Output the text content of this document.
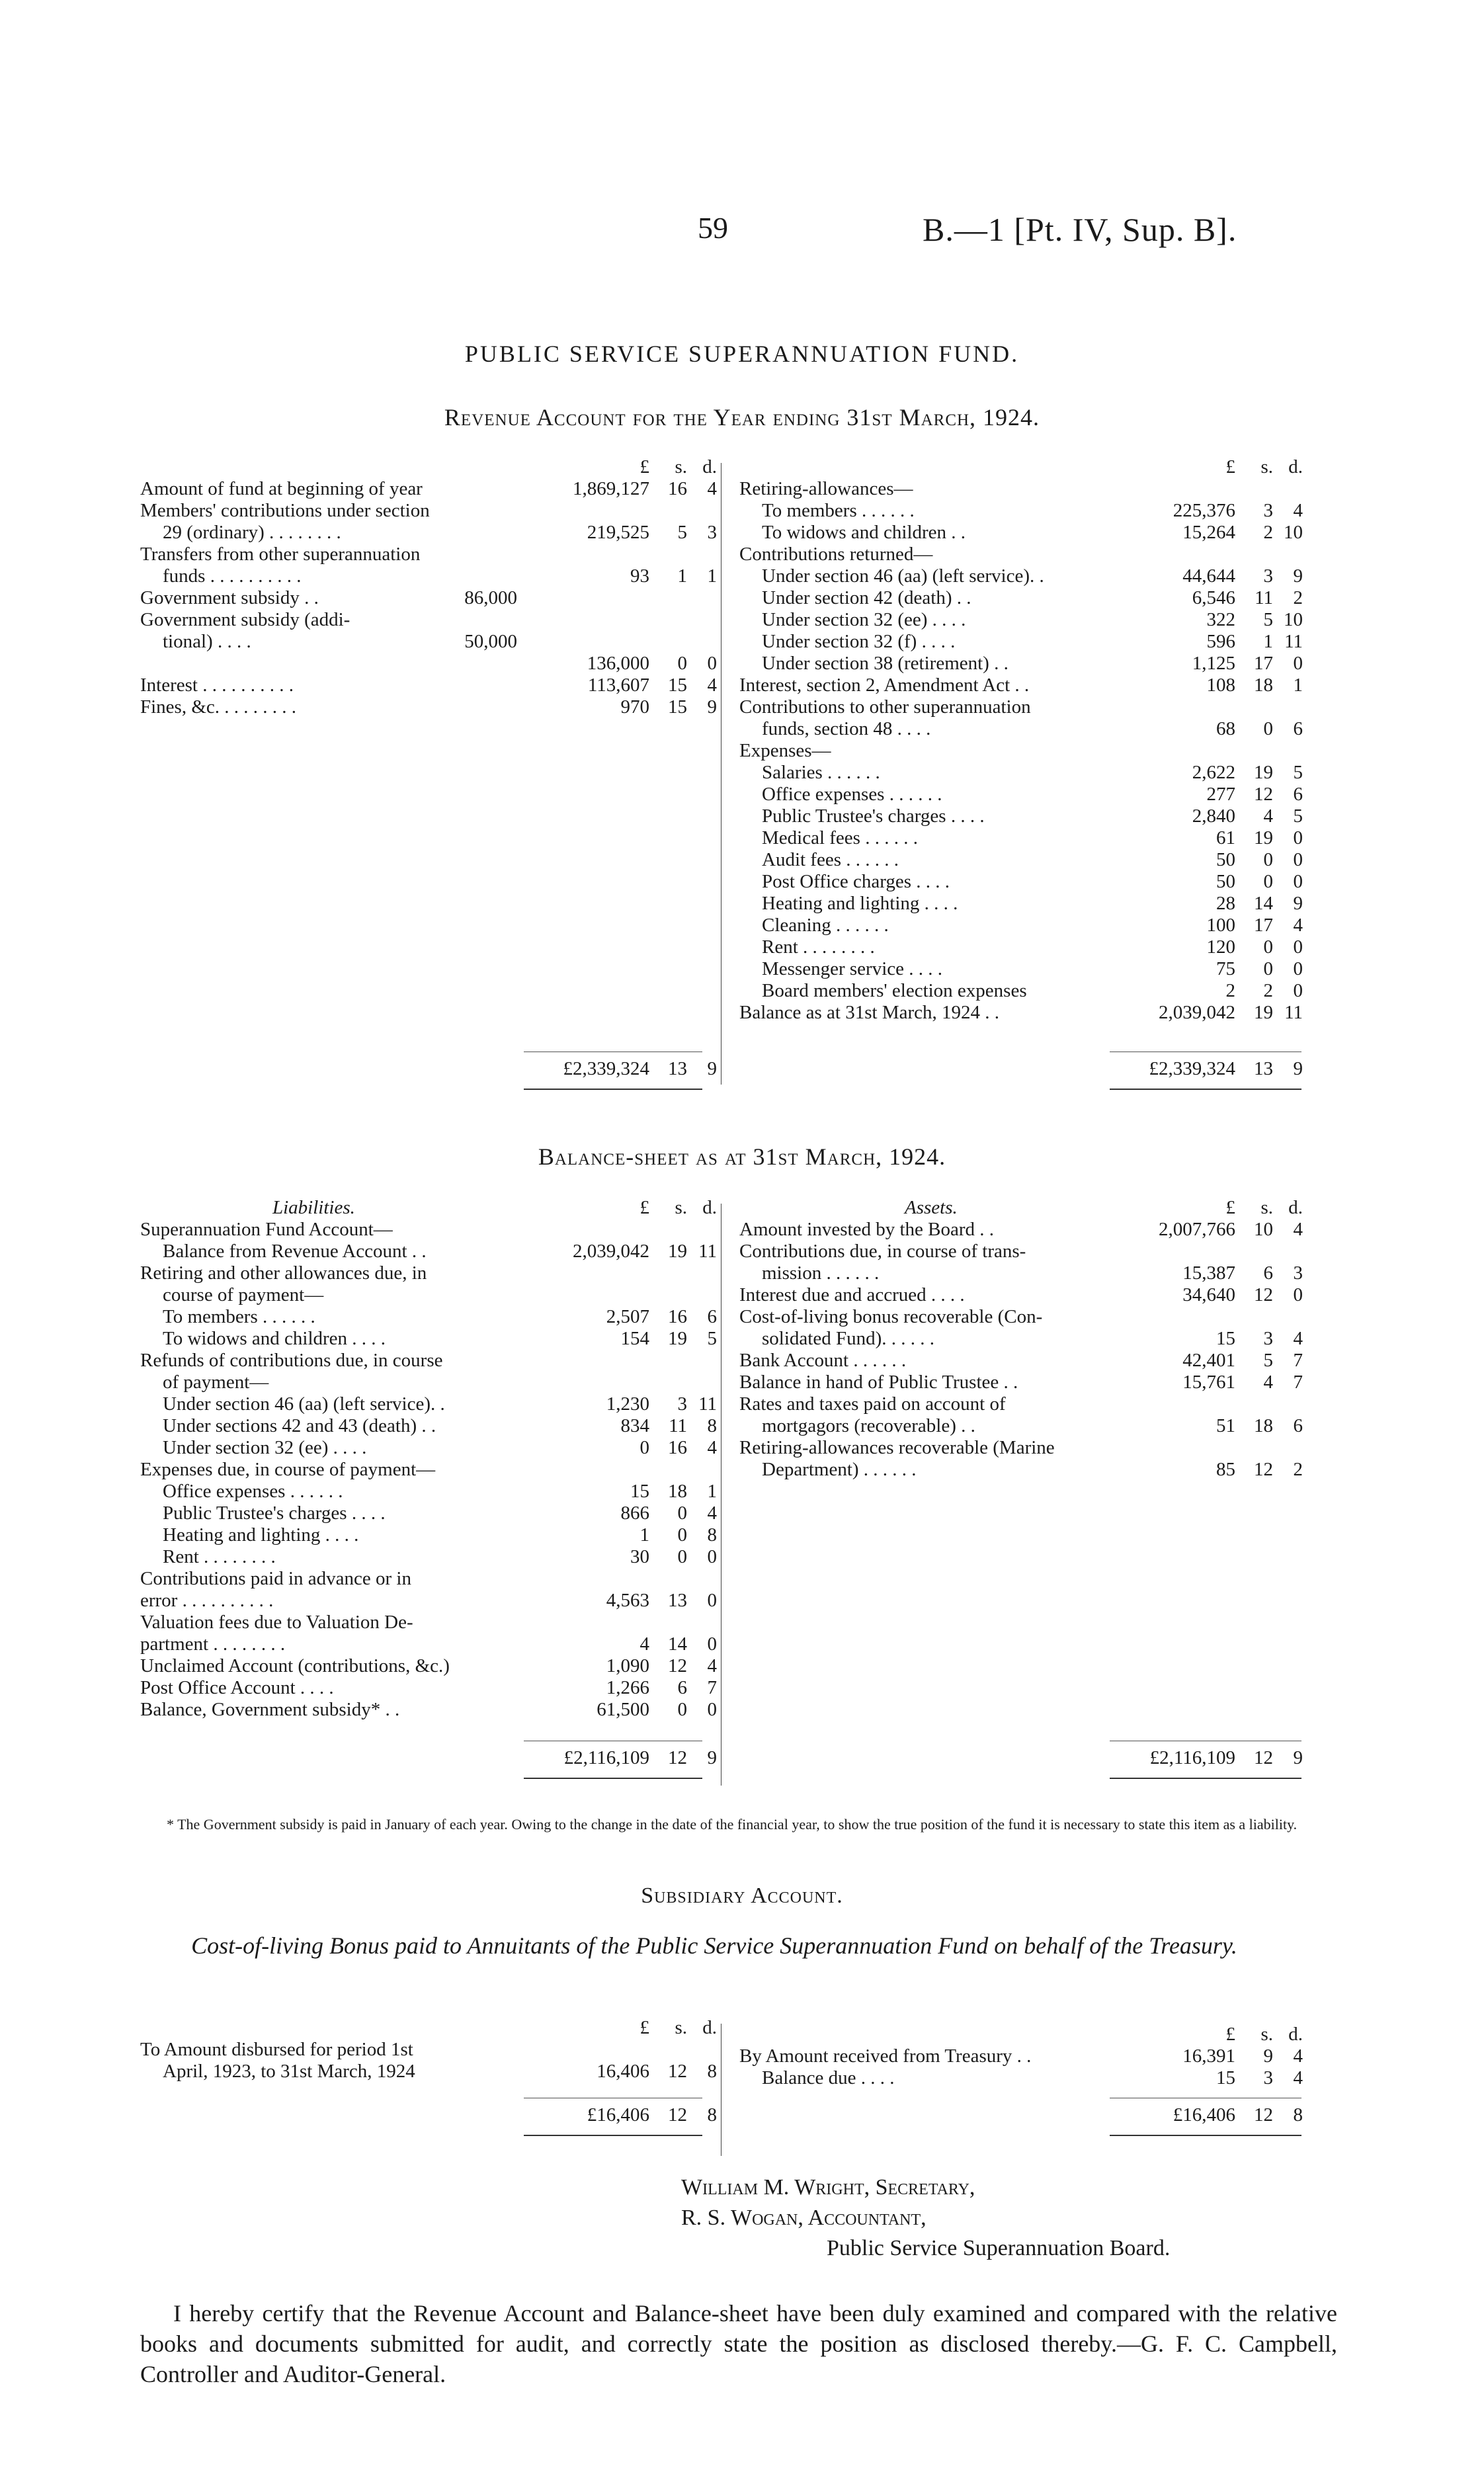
59	B.—1 [Pt. IV, Sup. B].
PUBLIC SERVICE SUPERANNUATION FUND.
Revenue Account for the Year ending 31st March, 1924.
£	s. d.
Amount of fund at beginning of year	1,869,127 16	4
Members' contributions under section
29 (ordinary) . . . . . . . .	219,525	5	3
Transfers from other superannuation
funds . . . . . . . . . .	93	1	1
Government subsidy . .	86,000
Government subsidy (addi-
tional) . . . .	50,000
136,000	0	0
Interest . . . . . . . . . .	113,607 15	4
Fines, &c. . . . . . . . .	970 15	9
£	s. d.
Retiring-allowances—
To members . . . . . .	225,376	3	4
To widows and children . .	15,264	2 10
Contributions returned—
Under section 46 (aa) (left service). .	44,644	3	9
Under section 42 (death) . .	6,546	11	2
Under section 32 (ee) . . . .	322	5 10
Under section 32 (f) . . . .	596	1 11
Under section 38 (retirement) . .	1,125 17	0
Interest, section 2, Amendment Act . .	108 18	1
Contributions to other superannuation
funds, section 48 . . . .	68	0	6
Expenses—
Salaries . . . . . .	2,622 19	5
Office expenses . . . . . .	277 12	6
Public Trustee's charges . . . .	2,840	4	5
Medical fees . . . . . .	61 19	0
Audit fees . . . . . .	50	0	0
Post Office charges . . . .	50	0	0
Heating and lighting . . . .	28 14	9
Cleaning . . . . . .	100 17	4
Rent . . . . . . . .	120	0	0
Messenger service . . . .	75	0	0
Board members' election expenses	2	2	0
Balance as at 31st March, 1924 . .	2,039,042 19 11
£2,339,324 13	9	£2,339,324 13	9
Balance-sheet as at 31st March, 1924.
Liabilities.	£	s. d.
Superannuation Fund Account—
Balance from Revenue Account . .	2,039,042 19 11
Retiring and other allowances due, in
course of payment—
To members . . . . . .	2,507 16	6
To widows and children . . . .	154 19	5
Refunds of contributions due, in course
of payment—
Under section 46 (aa) (left service). .	1,230	3 11
Under sections 42 and 43 (death) . .	834	11	8
Under section 32 (ee) . . . .	0 16	4
Expenses due, in course of payment—
Office expenses . . . . . .	15 18	1
Public Trustee's charges . . . .	866	0	4
Heating and lighting . . . .	1	0	8
Rent . . . . . . . .	30	0	0
Contributions paid in advance or in
error . . . . . . . . . .	4,563 13	0
Valuation fees due to Valuation De-
partment . . . . . . . .	4 14	0
Unclaimed Account (contributions, &c.)	1,090 12	4
Post Office Account . . . .	1,266	6	7
Balance, Government subsidy* . .	61,500	0	0
Assets.	£	s. d.
Amount invested by the Board . .	2,007,766 10	4
Contributions due, in course of trans-
mission . . . . . .	15,387	6	3
Interest due and accrued . . . .	34,640 12	0
Cost-of-living bonus recoverable (Con-
solidated Fund). . . . . .	15	3	4
Bank Account . . . . . .	42,401	5	7
Balance in hand of Public Trustee . .	15,761	4	7
Rates and taxes paid on account of
mortgagors (recoverable) . .	51 18	6
Retiring-allowances recoverable (Marine
Department) . . . . . .	85 12	2
£2,116,109 12	9	£2,116,109 12	9
* The Government subsidy is paid in January of each year. Owing to the change in the date of the financial year, to show the true position of the fund it is necessary to state this item as a liability.
Subsidiary Account.
Cost-of-living Bonus paid to Annuitants of the Public Service Superannuation Fund on behalf of the Treasury.
£	s. d.
To Amount disbursed for period 1st
April, 1923, to 31st March, 1924	16,406 12	8
£	s. d.
By Amount received from Treasury . .	16,391	9	4
Balance due . . . .	15	3	4
£16,406 12	8	£16,406 12	8
William M. Wright, Secretary,
R. S. Wogan, Accountant,
Public Service Superannuation Board.
I hereby certify that the Revenue Account and Balance-sheet have been duly examined and compared with the relative books and documents submitted for audit, and correctly state the position as disclosed thereby.—G. F. C. Campbell, Controller and Auditor-General.
